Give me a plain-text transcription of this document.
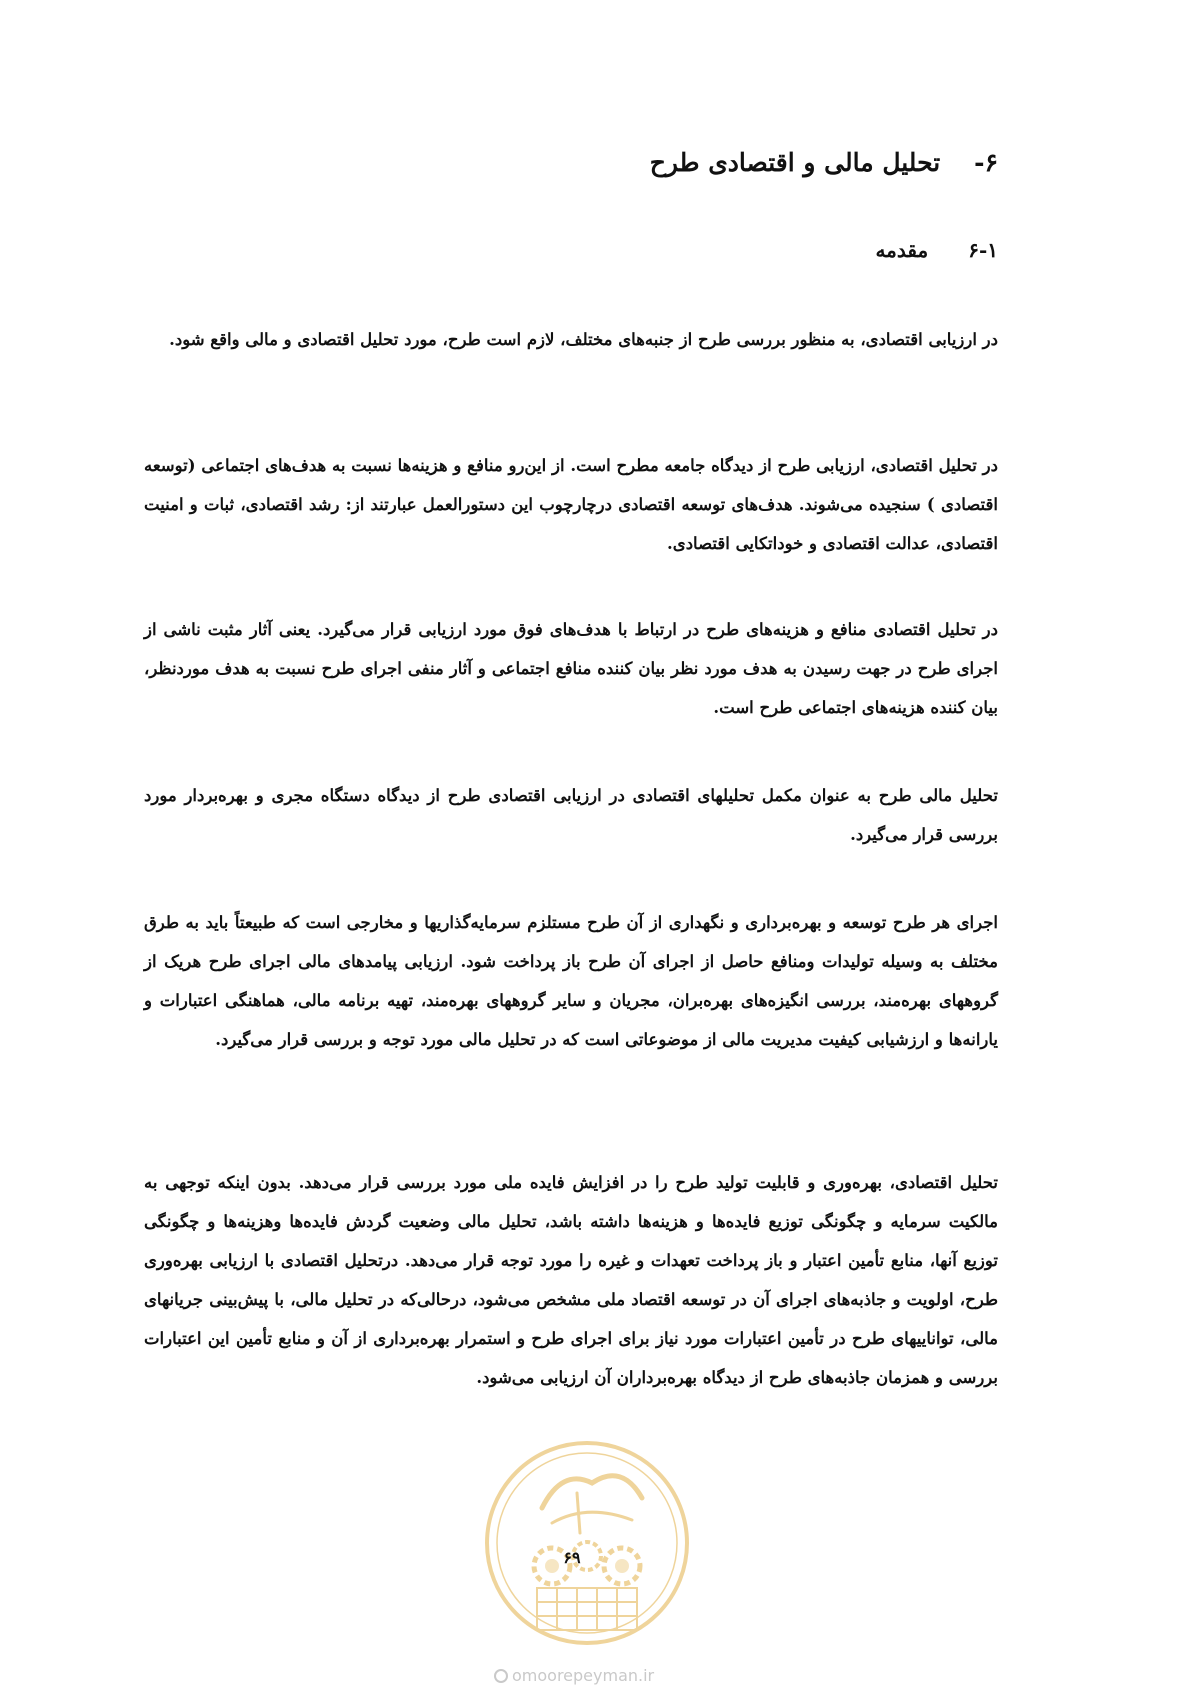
۶-تحلیل مالی و اقتصادی طرح
۶-۱مقدمه

در ارزیابی اقتصادی، به منظور بررسی طرح از جنبه‌های مختلف، لازم است طرح، مورد تحلیل اقتصادی و مالی واقع شود.

در تحلیل اقتصادی، ارزیابی طرح از دیدگاه جامعه مطرح است. از این‌رو منافع و هزینه‌ها نسبت به هدف‌های اجتماعی (توسعه اقتصادی ) سنجیده می‌شوند. هدف‌های توسعه اقتصادی درچارچوب این دستورالعمل عبارتند از: رشد اقتصادی، ثبات و امنیت اقتصادی، عدالت اقتصادی و خوداتکایی اقتصادی.

در تحلیل اقتصادی منافع و هزینه‌های طرح در ارتباط با هدف‌های فوق مورد ارزیابی قرار می‌گیرد. یعنی آثار مثبت ناشی از اجرای طرح در جهت رسیدن به هدف مورد نظر بیان کننده منافع اجتماعی و آثار منفی اجرای طرح نسبت به هدف موردنظر، بیان کننده هزینه‌های اجتماعی طرح است.

تحلیل مالی طرح به عنوان مکمل تحلیلهای اقتصادی در ارزیابی اقتصادی طرح از دیدگاه دستگاه مجری و بهره‌بردار مورد بررسی قرار می‌گیرد.

اجرای هر طرح توسعه و بهره‌برداری و نگهداری از آن طرح مستلزم سرمایه‌گذاریها و مخارجی است که طبیعتاً باید به طرق مختلف به وسیله تولیدات ومنافع حاصل از اجرای آن طرح باز پرداخت شود. ارزیابی پیامدهای مالی اجرای طرح هریک از گروههای بهره‌مند، بررسی انگیزه‌های بهره‌بران، مجریان و سایر گروههای بهره‌مند، تهیه برنامه مالی، هماهنگی اعتبارات و یارانه‌ها و ارزشیابی کیفیت مدیریت مالی از موضوعاتی است که در تحلیل مالی مورد توجه و بررسی قرار می‌گیرد.

تحلیل اقتصادی، بهره‌وری و قابلیت تولید طرح را در افزایش فایده ملی مورد بررسی قرار می‌دهد. بدون اینکه توجهی به مالکیت سرمایه و چگونگی توزیع فایده‌ها و هزینه‌ها داشته باشد، تحلیل مالی وضعیت گردش فایده‌ها وهزینه‌ها و چگونگی توزیع آنها، منابع تأمین اعتبار و باز پرداخت تعهدات و غیره را مورد توجه قرار می‌دهد. درتحلیل اقتصادی با ارزیابی بهره‌وری طرح، اولویت و جاذبه‌های اجرای آن در توسعه اقتصاد ملی مشخص می‌شود، درحالی‌که در تحلیل مالی، با پیش‌بینی جریانهای مالی، تواناییهای طرح در تأمین اعتبارات مورد نیاز برای اجرای طرح و استمرار بهره‌برداری از آن و منابع تأمین این اعتبارات بررسی و همزمان جاذبه‌های طرح از دیدگاه بهره‌برداران آن ارزیابی می‌شود.

۶۹
omoorepeyman.ir
